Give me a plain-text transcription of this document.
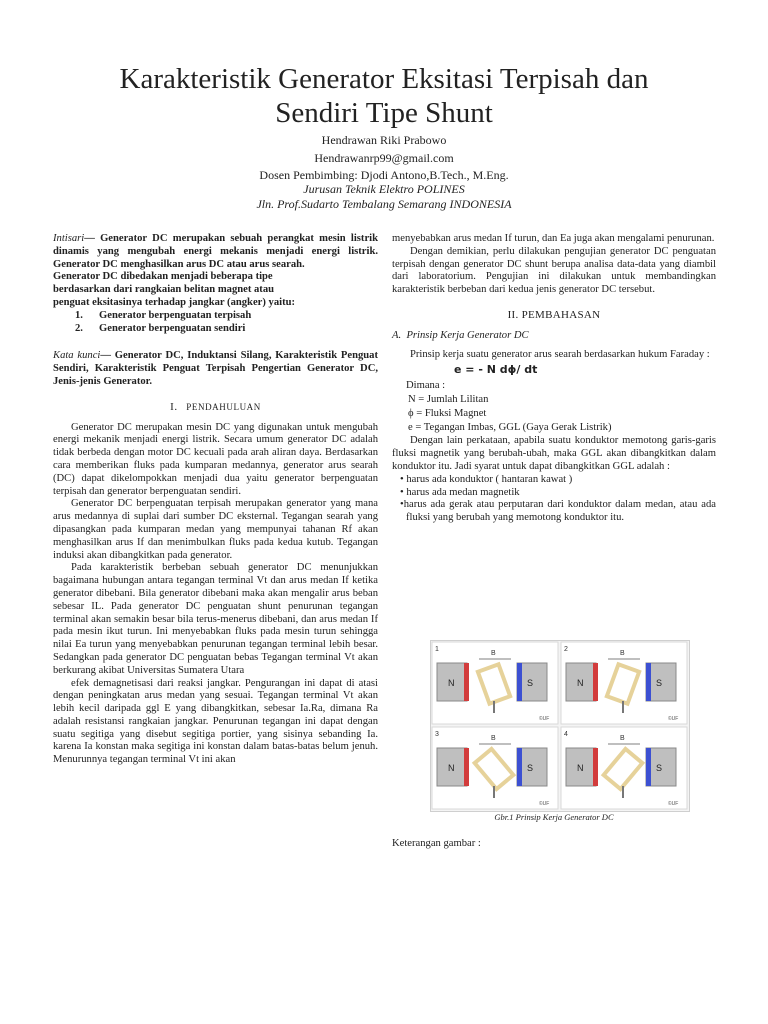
Karakteristik Generator Eksitasi Terpisah dan
Sendiri Tipe Shunt
Hendrawan Riki Prabowo
Hendrawanrp99@gmail.com
Dosen Pembimbing: Djodi Antono,B.Tech., M.Eng.
Jurusan Teknik Elektro POLINES
Jln. Prof.Sudarto Tembalang Semarang INDONESIA

Intisari— Generator DC merupakan sebuah perangkat mesin listrik dinamis yang mengubah energi mekanis menjadi energi listrik. Generator DC menghasilkan arus DC atau arus searah.

Generator DC dibedakan menjadi beberapa tipe
berdasarkan dari rangkaian belitan magnet atau
penguat eksitasinya terhadap jangkar (angker) yaitu:

1. Generator berpenguatan terpisah
2. Generator berpenguatan sendiri

Kata kunci— Generator DC, Induktansi Silang, Karakteristik Penguat Sendiri, Karakteristik Penguat Terpisah Pengertian Generator DC, Jenis-jenis Generator.

I. PENDAHULUAN

Generator DC merupakan mesin DC yang digunakan untuk mengubah energi mekanik menjadi energi listrik. Secara umum generator DC adalah tidak berbeda dengan motor DC kecuali pada arah aliran daya. Berdasarkan cara memberikan fluks pada kumparan medannya, generator arus searah (DC) dapat dikelompokkan menjadi dua yaitu generator berpenguatan terpisah dan generator berpenguatan sendiri.

Generator DC berpenguatan terpisah merupakan generator yang mana arus medannya di suplai dari sumber DC eksternal. Tegangan searah yang dipasangkan pada kumparan medan yang mempunyai tahanan Rf akan menghasilkan arus If dan menimbulkan fluks pada kedua kutub. Tegangan induksi akan dibangkitkan pada generator.

Pada karakteristik berbeban sebuah generator DC menunjukkan bagaimana hubungan antara tegangan terminal Vt dan arus medan If ketika generator dibebani. Bila generator dibebani maka akan mengalir arus beban sebesar IL. Pada generator DC penguatan shunt penurunan tegangan terminal akan semakin besar bila terus-menerus dibebani, dan arus medan If pada mesin ikut turun. Ini menyebabkan fluks pada mesin turun sehingga nilai Ea turun yang menyebabkan penurunan tegangan terminal lebih besar. Sedangkan pada generator DC penguatan bebas Tegangan terminal Vt akan berkurang akibat Universitas Sumatera Utara

efek demagnetisasi dari reaksi jangkar. Pengurangan ini dapat di atasi dengan peningkatan arus medan yang sesuai. Tegangan terminal Vt akan lebih kecil daripada ggl E yang dibangkitkan, sebesar Ia.Ra, dimana Ra adalah resistansi rangkaian jangkar. Penurunan tegangan ini dapat dengan suatu segitiga yang disebut segitiga portier, yang sisinya sebanding Ia. karena Ia konstan maka segitiga ini konstan dalam batas-batas belum jenuh. Menurunnya tegangan terminal Vt ini akan

menyebabkan arus medan If turun, dan Ea juga akan mengalami penurunan.

Dengan demikian, perlu dilakukan pengujian generator DC penguatan terpisah dengan generator DC shunt berupa analisa data-data yang diambil dari laboratorium. Pengujian ini dilakukan untuk membandingkan karakteristik berbeban dari kedua jenis generator DC tersebut.

II. PEMBAHASAN
A.  Prinsip Kerja Generator DC

Prinsip kerja suatu generator arus searah berdasarkan hukum Faraday :

e = - N dϕ/ dt
Dimana :
N = Jumlah Lilitan
ϕ = Fluksi Magnet
e = Tegangan Imbas, GGL (Gaya Gerak Listrik)

Dengan lain perkataan, apabila suatu konduktor memotong garis-garis fluksi magnetik yang berubah-ubah, maka GGL akan dibangkitkan dalam konduktor itu. Jadi syarat untuk dapat dibangkitkan GGL adalah :

• harus ada konduktor ( hantaran kawat )
• harus ada medan magnetik
•harus ada gerak atau perputaran dari konduktor dalam medan, atau ada fluksi yang berubah yang memotong konduktor itu.
1
N	S
B
©UF
2
N	S
B
©UF
3
N	S
B
©UF
4
N	S
B
©UF
Gbr.1 Prinsip Kerja Generator DC
Keterangan gambar :
